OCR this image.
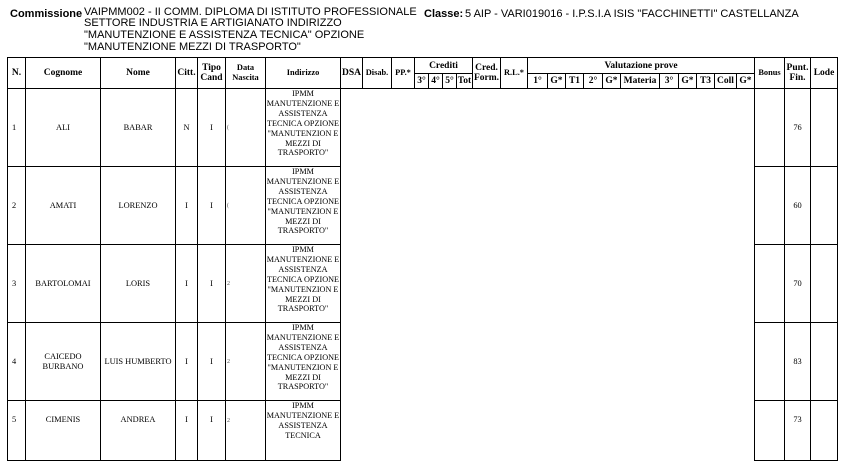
Commissione VAIPMM002 - II COMM. DIPLOMA DI ISTITUTO PROFESSIONALE
SETTORE INDUSTRIA E ARTIGIANATO INDIRIZZO
"MANUTENZIONE E ASSISTENZA TECNICA" OPZIONE
"MANUTENZIONE MEZZI DI TRASPORTO"
Classe: 5 AIP - VARI019016 - I.P.S.I.A ISIS "FACCHINETTI" CASTELLANZA
N.	Cognome	Nome	Citt.	Tipo Cand	Data Nascita	Indirizzo	DSA	Disab.	PP.*	Crediti				Cred. Form.	R.L.*	Valutazione prove											Bonus	Punt. Fin.	Lode
										3°	4°	5°	Tot			1°	G*	T1	2°	G*	Materia	3°	G*	T3	Coll	G*			
1	ALI	BABAR	N	I	(	IPMM MANUTENZIONE E ASSISTENZA TECNICA OPZIONE "MANUTENZION E MEZZI DI TRASPORTO"																						76	
2	AMATI	LORENZO	I	I	(	IPMM MANUTENZIONE E ASSISTENZA TECNICA OPZIONE "MANUTENZION E MEZZI DI TRASPORTO"																						60	
3	BARTOLOMAI	LORIS	I	I	2	IPMM MANUTENZIONE E ASSISTENZA TECNICA OPZIONE "MANUTENZION E MEZZI DI TRASPORTO"																						70	
4	CAICEDO BURBANO	LUIS HUMBERTO	I	I	2	IPMM MANUTENZIONE E ASSISTENZA TECNICA OPZIONE "MANUTENZION E MEZZI DI TRASPORTO"																						83	
5	CIMENIS	ANDREA	I	I	2	IPMM MANUTENZIONE E ASSISTENZA TECNICA																						73	
